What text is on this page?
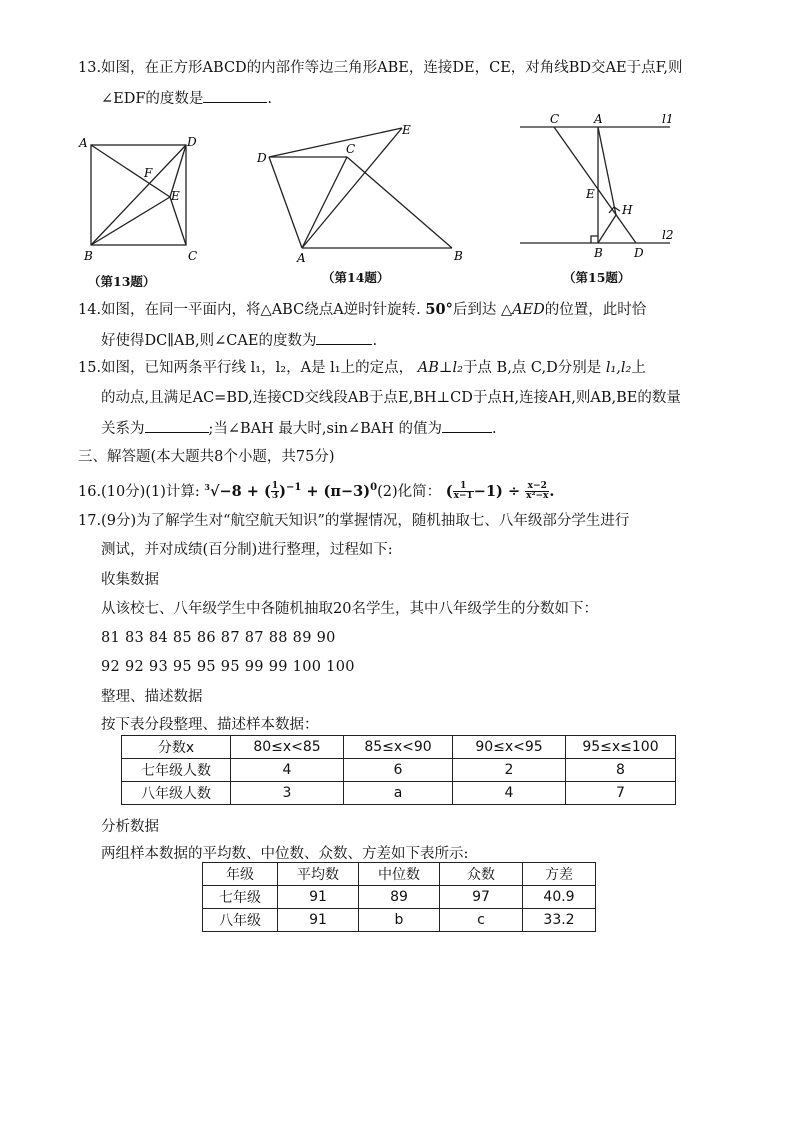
13.如图，在正方形ABCD的内部作等边三角形ABE，连接DE，CE，对角线BD交AE于点F,则
∠EDF的度数是	.
A
B	C
D
E
F
（第13题）
D
E
C
A	B
（第14题）
C	A	l1
E
H
B	D
l2
（第15题）
14.如图，在同一平面内，将△ABC绕点A逆时针旋转. 50°后到达 △AED的位置，此时恰
好使得DC∥AB,则∠CAE的度数为	.
15.如图，已知两条平行线 l₁，l₂，A是 l₁上的定点， AB⊥l₂于点 B,点 C,D分别是 l₁,l₂上
的动点,且满足AC=BD,连接CD交线段AB于点E,BH⊥CD于点H,连接AH,则AB,BE的数量
关系为	;当∠BAH 最大时,sin∠BAH 的值为	.
三、解答题(本大题共8个小题，共75分)
16.(10分)(1)计算: $^3$√−8 + ( $\frac{1}{3} )^{-1} + (\pi-3)^0(2)$化简： ( $\frac{1}{x-1} -1) \div \frac{x-2}{\text{x²−x}}$ .
17.(9分)为了解学生对“航空航天知识”的掌握情况，随机抽取七、八年级部分学生进行
测试，并对成绩(百分制)进行整理，过程如下:
收集数据
从该校七、八年级学生中各随机抽取20名学生，其中八年级学生的分数如下：
81 83 84 85 86 87 87 88 89 90
92 92 93 95 95 95 99 99 100 100
整理、描述数据
按下表分段整理、描述样本数据：
分数x	80≤x<85	85≤x<90	90≤x<95	95≤x≤100
七年级人数	4	6	2	8
八年级人数	3	a	4	7
分析数据
两组样本数据的平均数、中位数、众数、方差如下表所示:
年级	平均数	中位数	众数	方差
七年级	91	89	97	40.9
八年级	91	b	c	33.2
